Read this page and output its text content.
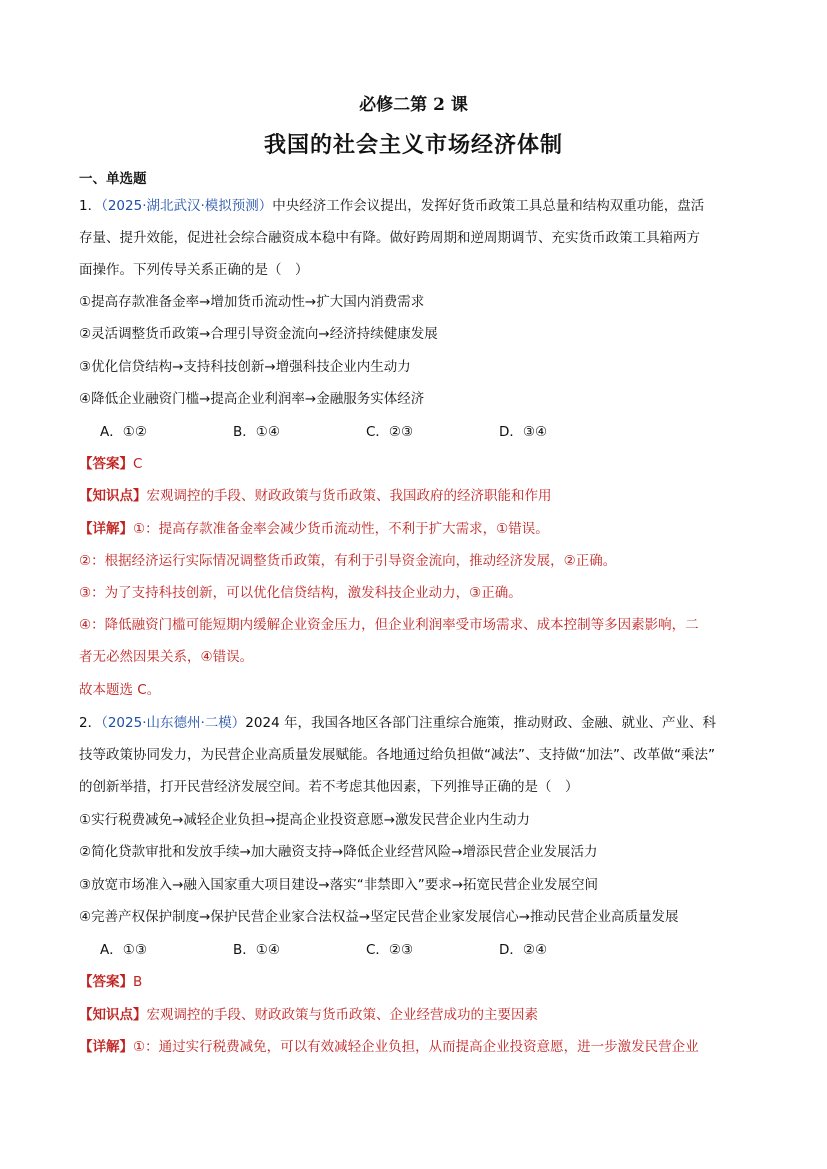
必修二第 2 课
我国的社会主义市场经济体制
一、单选题
1．（2025·湖北武汉·模拟预测）中央经济工作会议提出，发挥好货币政策工具总量和结构双重功能，盘活
存量、提升效能，促进社会综合融资成本稳中有降。做好跨周期和逆周期调节、充实货币政策工具箱两方
面操作。下列传导关系正确的是（　）
①提高存款准备金率→增加货币流动性→扩大国内消费需求
②灵活调整货币政策→合理引导资金流向→经济持续健康发展
③优化信贷结构→支持科技创新→增强科技企业内生动力
④降低企业融资门槛→提高企业利润率→金融服务实体经济
A．①②	B．①④	C．②③	D．③④
【答案】C
【知识点】宏观调控的手段、财政政策与货币政策、我国政府的经济职能和作用
【详解】①：提高存款准备金率会减少货币流动性，不利于扩大需求，①错误。
②：根据经济运行实际情况调整货币政策，有利于引导资金流向，推动经济发展，②正确。
③：为了支持科技创新，可以优化信贷结构，激发科技企业动力，③正确。
④：降低融资门槛可能短期内缓解企业资金压力，但企业利润率受市场需求、成本控制等多因素影响，二
者无必然因果关系，④错误。
故本题选 C。
2．（2025·山东德州·二模）2024 年，我国各地区各部门注重综合施策，推动财政、金融、就业、产业、科
技等政策协同发力，为民营企业高质量发展赋能。各地通过给负担做“减法”、支持做“加法”、改革做“乘法”
的创新举措，打开民营经济发展空间。若不考虑其他因素，下列推导正确的是（　）
①实行税费减免→减轻企业负担→提高企业投资意愿→激发民营企业内生动力
②简化贷款审批和发放手续→加大融资支持→降低企业经营风险→增添民营企业发展活力
③放宽市场准入→融入国家重大项目建设→落实“非禁即入”要求→拓宽民营企业发展空间
④完善产权保护制度→保护民营企业家合法权益→坚定民营企业家发展信心→推动民营企业高质量发展
A．①③	B．①④	C．②③	D．②④
【答案】B
【知识点】宏观调控的手段、财政政策与货币政策、企业经营成功的主要因素
【详解】①：通过实行税费减免，可以有效减轻企业负担，从而提高企业投资意愿，进一步激发民营企业
